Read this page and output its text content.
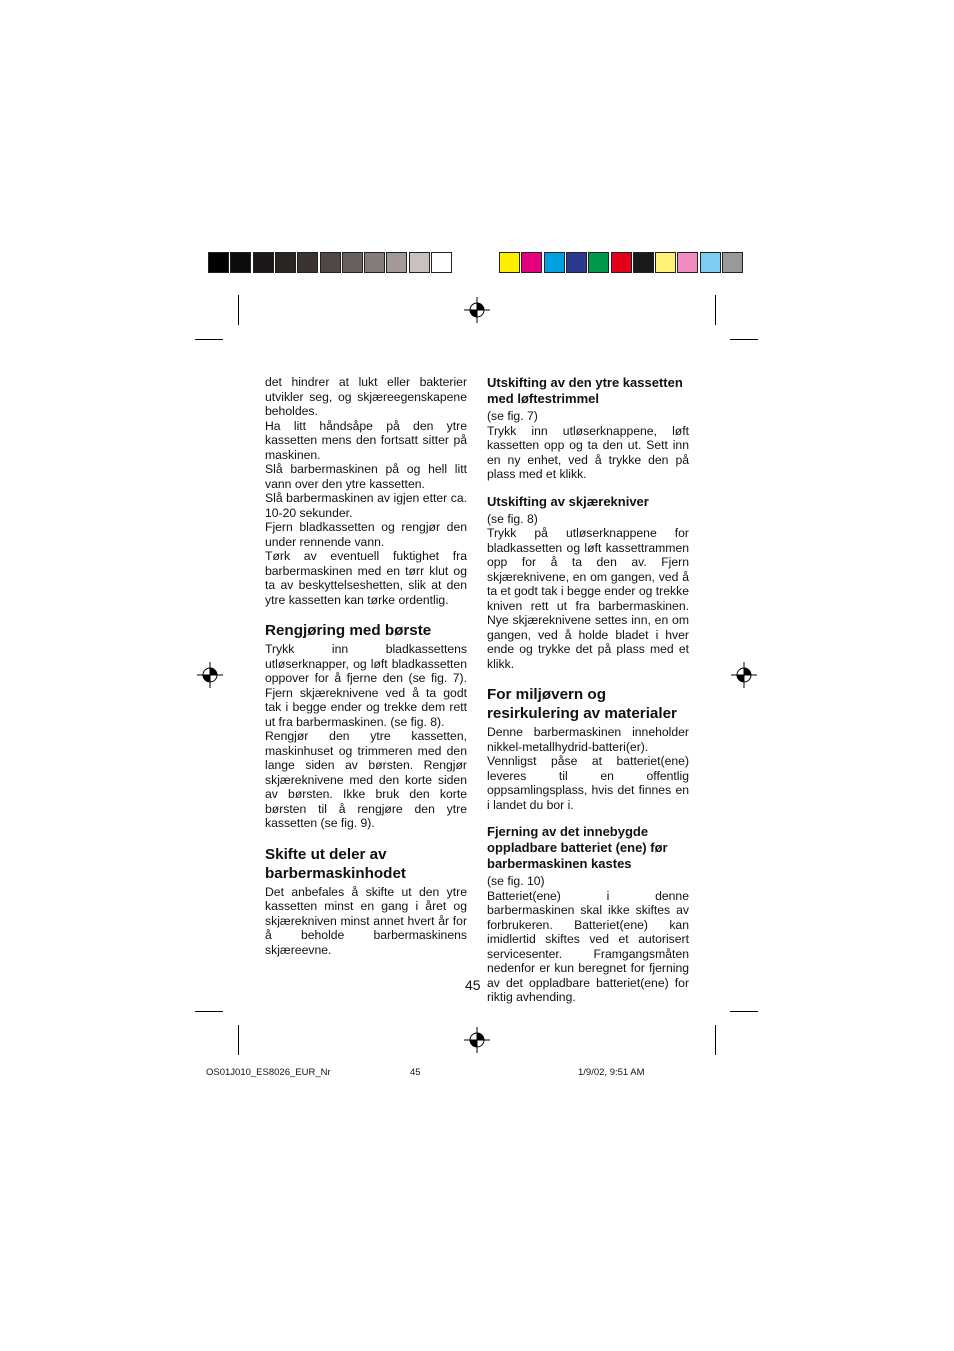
det hindrer at lukt eller bakterier utvikler seg, og skjæreegenskapene beholdes.

Ha litt håndsåpe på den ytre kassetten mens den fortsatt sitter på maskinen.

Slå barbermaskinen på og hell litt vann over den ytre kassetten.

Slå barbermaskinen av igjen etter ca. 10-20 sekunder.

Fjern bladkassetten og rengjør den under rennende vann.

Tørk av eventuell fuktighet fra barbermaskinen med en tørr klut og ta av beskyttelseshetten, slik at den ytre kassetten kan tørke ordentlig.

Rengjøring med børste

Trykk inn bladkassettens utløserknapper, og løft bladkassetten oppover for å fjerne den (se fig. 7). Fjern skjæreknivene ved å ta godt tak i begge ender og trekke dem rett ut fra barbermaskinen. (se fig. 8).

Rengjør den ytre kassetten, maskinhuset og trimmeren med den lange siden av børsten. Rengjør skjæreknivene med den korte siden av børsten. Ikke bruk den korte børsten til å rengjøre den ytre kassetten (se fig. 9).

Skifte ut deler av barbermaskinhodet

Det anbefales å skifte ut den ytre kassetten minst en gang i året og skjærekniven minst annet hvert år for å beholde barbermaskinens skjæreevne.

Utskifting av den ytre kassetten med løftestrimmel

(se fig. 7)

Trykk inn utløserknappene, løft kassetten opp og ta den ut. Sett inn en ny enhet, ved å trykke den på plass med et klikk.

Utskifting av skjærekniver

(se fig. 8)

Trykk på utløserknappene for bladkassetten og løft kassettrammen opp for å ta den av. Fjern skjæreknivene, en om gangen, ved å ta et godt tak i begge ender og trekke kniven rett ut fra barbermaskinen. Nye skjæreknivene settes inn, en om gangen, ved å holde bladet i hver ende og trykke det på plass med et klikk.

For miljøvern og resirkulering av materialer

Denne barbermaskinen inneholder nikkel-metallhydrid-batteri(er).

Vennligst påse at batteriet(ene) leveres til en offentlig oppsamlingsplass, hvis det finnes en i landet du bor i.

Fjerning av det innebygde oppladbare batteriet (ene) før barbermaskinen kastes

(se fig. 10)

Batteriet(ene) i denne barbermaskinen skal ikke skiftes av forbrukeren. Batteriet(ene) kan imidlertid skiftes ved et autorisert servicesenter. Framgangsmåten nedenfor er kun beregnet for fjerning av det oppladbare batteriet(ene) for riktig avhending.

45
OS01J010_ES8026_EUR_Nr	45	1/9/02, 9:51 AM
